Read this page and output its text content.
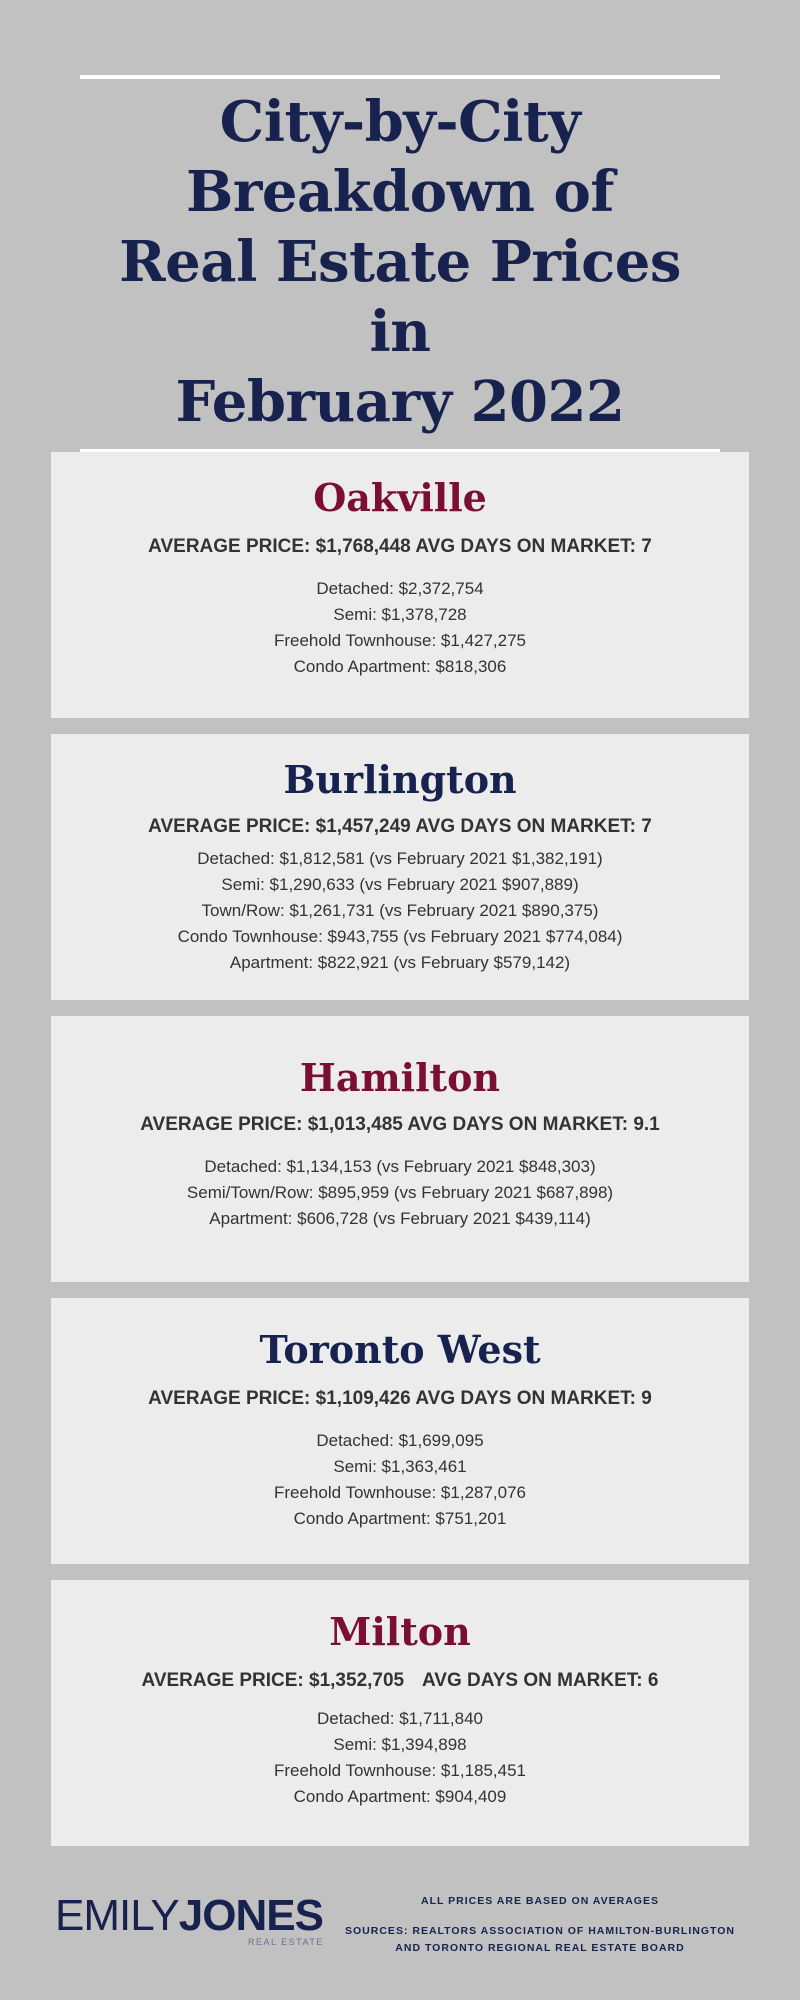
City-by-City
Breakdown of
Real Estate Prices in
February 2022
Oakville

AVERAGE PRICE: $1,768,448 AVG DAYS ON MARKET: 7

Detached: $2,372,754
Semi: $1,378,728
Freehold Townhouse: $1,427,275
Condo Apartment: $818,306
Burlington

AVERAGE PRICE: $1,457,249 AVG DAYS ON MARKET: 7

Detached: $1,812,581 (vs February 2021 $1,382,191)
Semi: $1,290,633 (vs February 2021 $907,889)
Town/Row: $1,261,731 (vs February 2021 $890,375)
Condo Townhouse: $943,755 (vs February 2021 $774,084)
Apartment: $822,921 (vs February $579,142)
Hamilton

AVERAGE PRICE: $1,013,485 AVG DAYS ON MARKET: 9.1

Detached: $1,134,153 (vs February 2021 $848,303)
Semi/Town/Row: $895,959 (vs February 2021 $687,898)
Apartment: $606,728 (vs February 2021 $439,114)
Toronto West

AVERAGE PRICE: $1,109,426 AVG DAYS ON MARKET: 9

Detached: $1,699,095
Semi: $1,363,461
Freehold Townhouse: $1,287,076
Condo Apartment: $751,201
Milton

AVERAGE PRICE: $1,352,705 AVG DAYS ON MARKET: 6

Detached: $1,711,840
Semi: $1,394,898
Freehold Townhouse: $1,185,451
Condo Apartment: $904,409
EMILYJONES
REAL ESTATE

ALL PRICES ARE BASED ON AVERAGES

SOURCES: REALTORS ASSOCIATION OF HAMILTON-BURLINGTON

AND TORONTO REGIONAL REAL ESTATE BOARD
